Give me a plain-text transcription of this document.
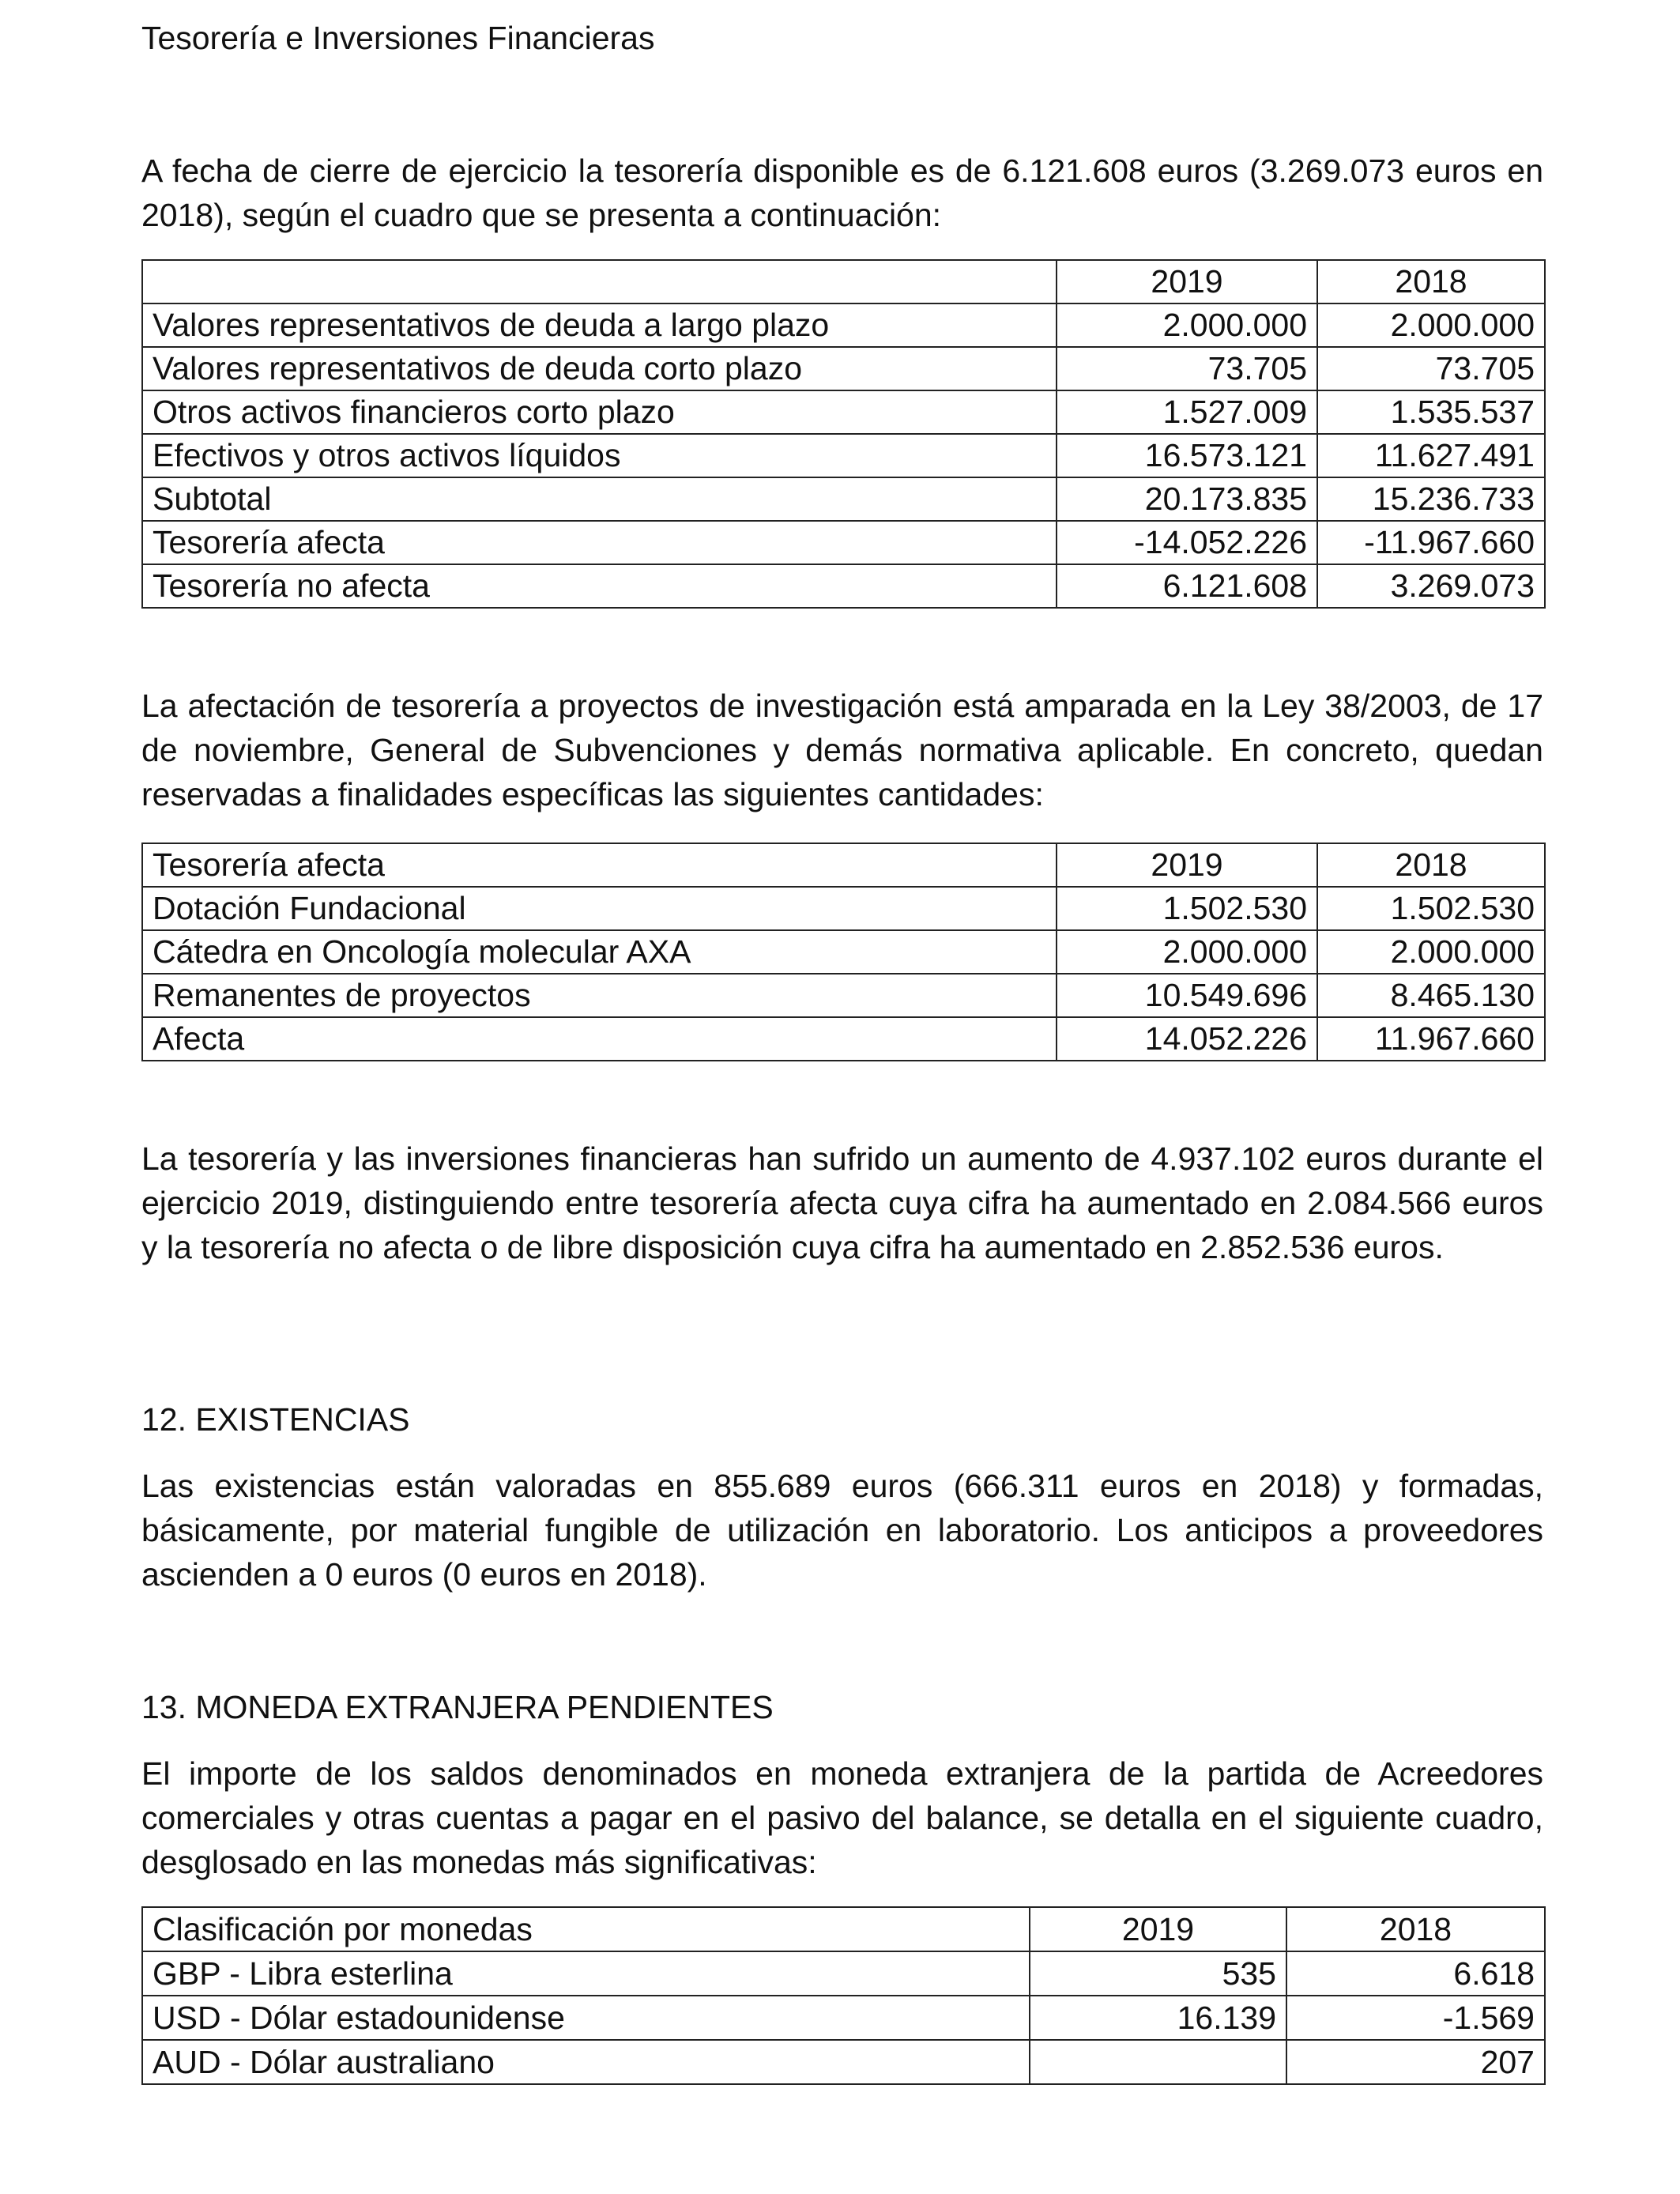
Tesorería e Inversiones Financieras

A fecha de cierre de ejercicio la tesorería disponible es de 6.121.608 euros (3.269.073 euros en 2018), según el cuadro que se presenta a continuación:

	2019	2018
Valores representativos de deuda a largo plazo	2.000.000	2.000.000
Valores representativos de deuda corto plazo	73.705	73.705
Otros activos financieros corto plazo	1.527.009	1.535.537
Efectivos y otros activos líquidos	16.573.121	11.627.491
Subtotal	20.173.835	15.236.733
Tesorería afecta	-14.052.226	-11.967.660
Tesorería no afecta	6.121.608	3.269.073

La afectación de tesorería a proyectos de investigación está amparada en la Ley 38/2003, de 17 de noviembre, General de Subvenciones y demás normativa aplicable. En concreto, quedan reservadas a finalidades específicas las siguientes cantidades:

Tesorería afecta	2019	2018
Dotación Fundacional	1.502.530	1.502.530
Cátedra en Oncología molecular AXA	2.000.000	2.000.000
Remanentes de proyectos	10.549.696	8.465.130
Afecta	14.052.226	11.967.660

La tesorería y las inversiones financieras han sufrido un aumento de 4.937.102 euros durante el ejercicio 2019, distinguiendo entre tesorería afecta cuya cifra ha aumentado en 2.084.566 euros y la tesorería no afecta o de libre disposición cuya cifra ha aumentado en 2.852.536 euros.

12. EXISTENCIAS

Las existencias están valoradas en 855.689 euros (666.311 euros en 2018) y formadas, básicamente, por material fungible de utilización en laboratorio. Los anticipos a proveedores ascienden a 0 euros (0 euros en 2018).

13. MONEDA EXTRANJERA PENDIENTES

El importe de los saldos denominados en moneda extranjera de la partida de Acreedores comerciales y otras cuentas a pagar en el pasivo del balance, se detalla en el siguiente cuadro, desglosado en las monedas más significativas:

Clasificación por monedas	2019	2018
GBP - Libra esterlina	535	6.618
USD - Dólar estadounidense	16.139	-1.569
AUD - Dólar australiano		207
